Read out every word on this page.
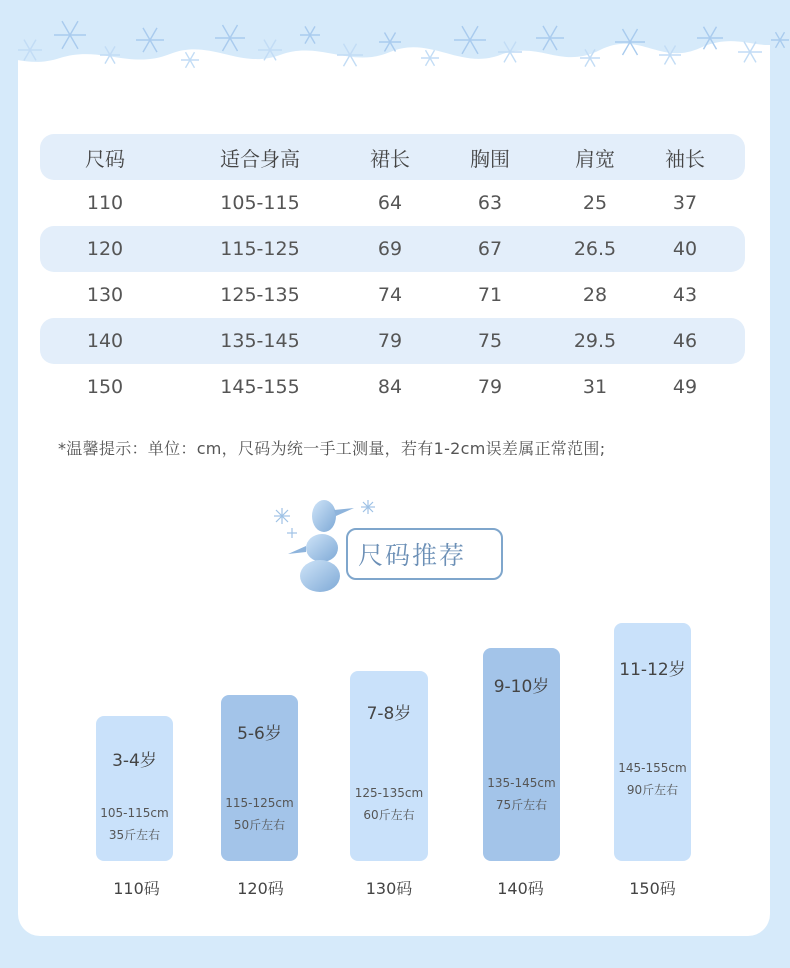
尺码	适合身高	裙长	胸围	肩宽	袖长
110	105-115	64	63	25	37
120	115-125	69	67	26.5	40
130	125-135	74	71	28	43
140	135-145	79	75	29.5	46
150	145-155	84	79	31	49
*温馨提示：单位：cm，尺码为统一手工测量，若有1-2cm误差属正常范围;
尺码推荐
3-4岁
105-115cm
35斤左右
110码
5-6岁
115-125cm
50斤左右
120码
7-8岁
125-135cm
60斤左右
130码
9-10岁
135-145cm
75斤左右
140码
11-12岁
145-155cm
90斤左右
150码
